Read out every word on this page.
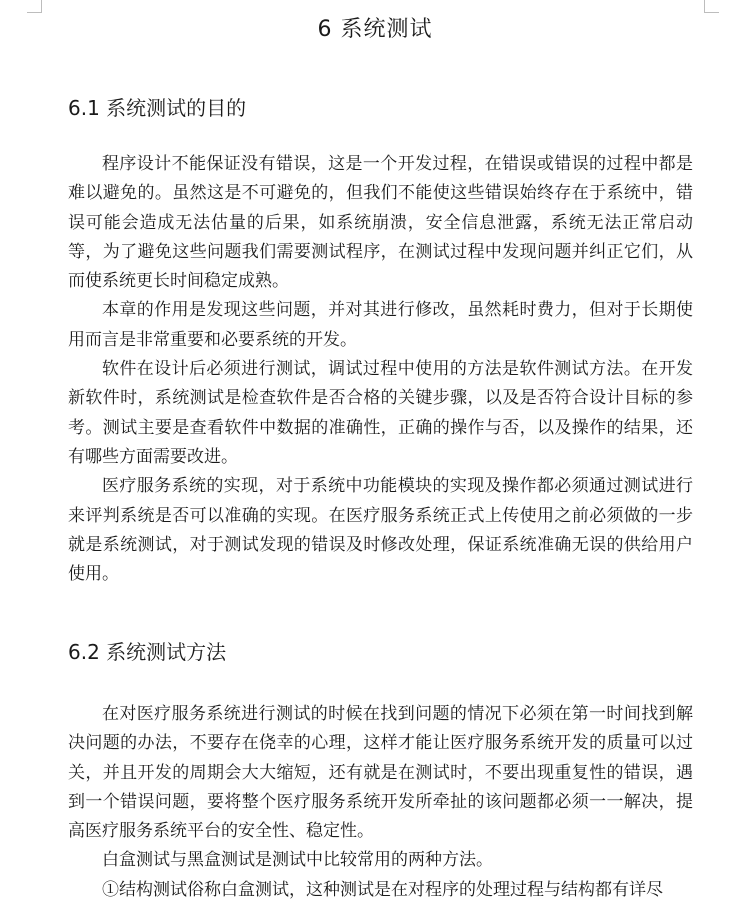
6 系统测试
6.1 系统测试的目的

程序设计不能保证没有错误，这是一个开发过程，在错误或错误的过程中都是难以避免的。虽然这是不可避免的，但我们不能使这些错误始终存在于系统中，错误可能会造成无法估量的后果，如系统崩溃，安全信息泄露，系统无法正常启动等，为了避免这些问题我们需要测试程序，在测试过程中发现问题并纠正它们，从而使系统更长时间稳定成熟。

本章的作用是发现这些问题，并对其进行修改，虽然耗时费力，但对于长期使用而言是非常重要和必要系统的开发。

软件在设计后必须进行测试，调试过程中使用的方法是软件测试方法。在开发新软件时，系统测试是检查软件是否合格的关键步骤，以及是否符合设计目标的参考。测试主要是查看软件中数据的准确性，正确的操作与否，以及操作的结果，还有哪些方面需要改进。

医疗服务系统的实现，对于系统中功能模块的实现及操作都必须通过测试进行来评判系统是否可以准确的实现。在医疗服务系统正式上传使用之前必须做的一步就是系统测试，对于测试发现的错误及时修改处理，保证系统准确无误的供给用户使用。

6.2 系统测试方法

在对医疗服务系统进行测试的时候在找到问题的情况下必须在第一时间找到解决问题的办法，不要存在侥幸的心理，这样才能让医疗服务系统开发的质量可以过关，并且开发的周期会大大缩短，还有就是在测试时，不要出现重复性的错误，遇到一个错误问题，要将整个医疗服务系统开发所牵扯的该问题都必须一一解决，提高医疗服务系统平台的安全性、稳定性。

白盒测试与黑盒测试是测试中比较常用的两种方法。

①结构测试俗称白盒测试，这种测试是在对程序的处理过程与结构都有详尽
